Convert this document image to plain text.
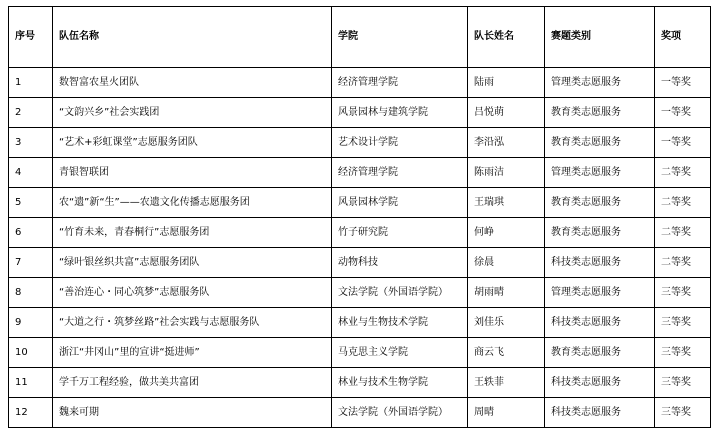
序号	队伍名称	学院	队长姓名	赛题类别	奖项
1	数智富农星火团队	经济管理学院	陆雨	管理类志愿服务	一等奖
2	“文韵兴乡”社会实践团	风景园林与建筑学院	吕悦萌	教育类志愿服务	一等奖
3	“艺术+彩虹课堂”志愿服务团队	艺术设计学院	李沿泓	教育类志愿服务	一等奖
4	青银智联团	经济管理学院	陈雨洁	管理类志愿服务	二等奖
5	农“遗”新“生”——农遗文化传播志愿服务团	风景园林学院	王瑞琪	教育类志愿服务	二等奖
6	“竹育未来，青春桐行”志愿服务团	竹子研究院	何峥	教育类志愿服务	二等奖
7	“绿叶银丝织共富”志愿服务团队	动物科技	徐晨	科技类志愿服务	二等奖
8	“善治连心・同心筑梦”志愿服务队	文法学院（外国语学院）	胡雨晴	管理类志愿服务	三等奖
9	“大道之行・筑梦丝路”社会实践与志愿服务队	林业与生物技术学院	刘佳乐	科技类志愿服务	三等奖
10	浙江“井冈山”里的宣讲“挺进师”	马克思主义学院	商云飞	教育类志愿服务	三等奖
11	学千万工程经验，做共美共富团	林业与技术生物学院	王轶菲	科技类志愿服务	三等奖
12	魏来可期	文法学院（外国语学院）	周晴	科技类志愿服务	三等奖
